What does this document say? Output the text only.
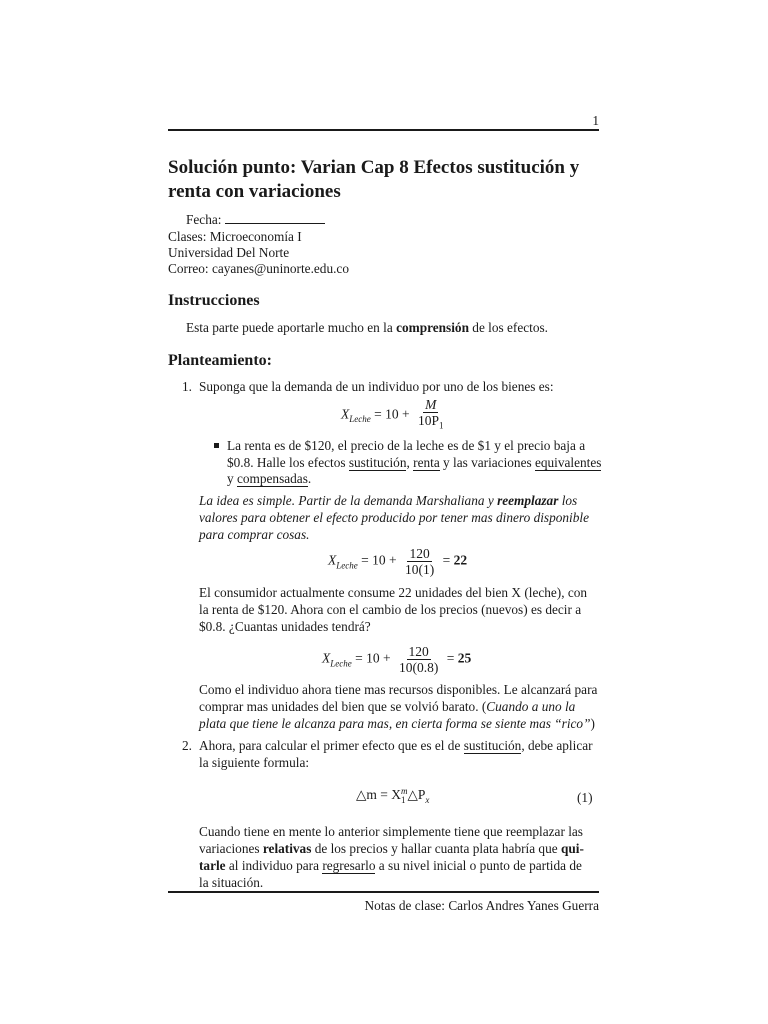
1
Solución punto: Varian Cap 8 Efectos sustitución y renta con variaciones
Fecha:
Clases: Microeconomía I
Universidad Del Norte
Correo: cayanes@uninorte.edu.co
Instrucciones
Esta parte puede aportarle mucho en la comprensión de los efectos.
Planteamiento:
1. Suponga que la demanda de un individuo por uno de los bienes es:
$X_{Leche} = 10 + \frac{M}{10P_1}$
La renta es de $120, el precio de la leche es de $1 y el precio baja a
$0.8. Halle los efectos sustitución, renta y las variaciones equivalentes
y compensadas.
La idea es simple. Partir de la demanda Marshaliana y reemplazar los
valores para obtener el efecto producido por tener mas dinero disponible
para comprar cosas.
$X_{Leche} = 10 + \frac{120}{10(1)} = 22$
El consumidor actualmente consume 22 unidades del bien X (leche), con
la renta de $120. Ahora con el cambio de los precios (nuevos) es decir a
$0.8. ¿Cuantas unidades tendrá?
$X_{Leche} = 10 + \frac{120}{10(0.8)} = 25$
Como el individuo ahora tiene mas recursos disponibles. Le alcanzará para
comprar mas unidades del bien que se volvió barato. (Cuando a uno la
plata que tiene le alcanza para mas, en cierta forma se siente mas “rico”)
2. Ahora, para calcular el primer efecto que es el de sustitución, debe aplicar
la siguiente formula:
△m = X m
1 $\triangle P_x$	(1)
Cuando tiene en mente lo anterior simplemente tiene que reemplazar las
variaciones relativas de los precios y hallar cuanta plata habría que qui-
tarle al individuo para regresarlo a su nivel inicial o punto de partida de
la situación.
Notas de clase: Carlos Andres Yanes Guerra
